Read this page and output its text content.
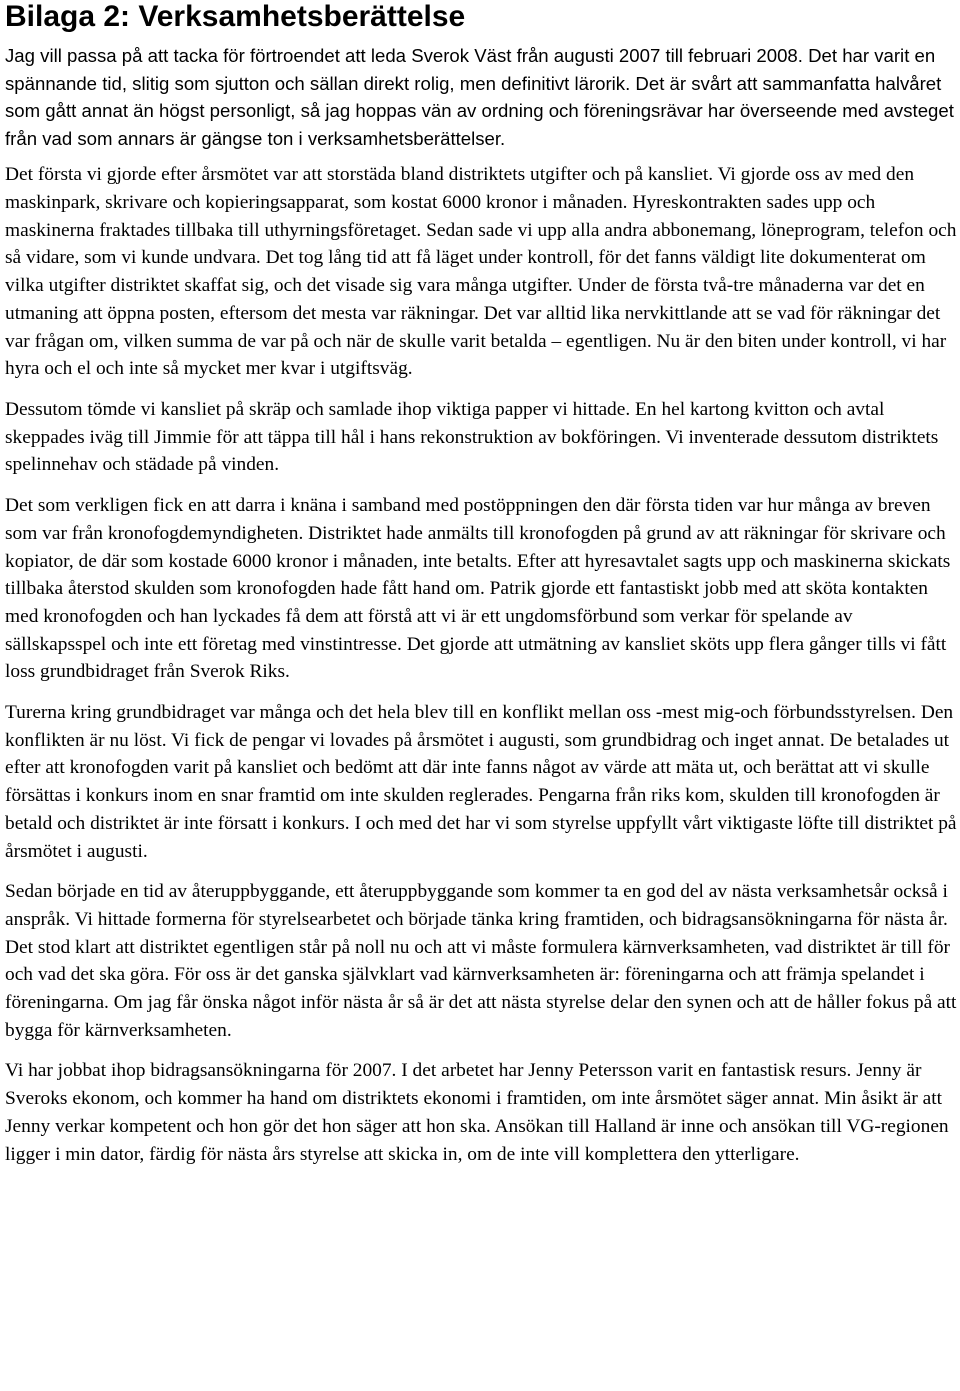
Bilaga 2: Verksamhetsberättelse

Jag vill passa på att tacka för förtroendet att leda Sverok Väst från augusti 2007 till februari 2008. Det har varit en spännande tid, slitig som sjutton och sällan direkt rolig, men definitivt lärorik. Det är svårt att sammanfatta halvåret som gått annat än högst personligt, så jag hoppas vän av ordning och föreningsrävar har överseende med avsteget från vad som annars är gängse ton i verksamhetsberättelser.

Det första vi gjorde efter årsmötet var att storstäda bland distriktets utgifter och på kansliet. Vi gjorde oss av med den maskinpark, skrivare och kopieringsapparat, som kostat 6000 kronor i månaden. Hyreskontrakten sades upp och maskinerna fraktades tillbaka till uthyrningsföretaget. Sedan sade vi upp alla andra abbonemang, löneprogram, telefon och så vidare, som vi kunde undvara. Det tog lång tid att få läget under kontroll, för det fanns väldigt lite dokumenterat om vilka utgifter distriktet skaffat sig, och det visade sig vara många utgifter. Under de första två-tre månaderna var det en utmaning att öppna posten, eftersom det mesta var räkningar. Det var alltid lika nervkittlande att se vad för räkningar det var frågan om, vilken summa de var på och när de skulle varit betalda – egentligen. Nu är den biten under kontroll, vi har hyra och el och inte så mycket mer kvar i utgiftsväg.

Dessutom tömde vi kansliet på skräp och samlade ihop viktiga papper vi hittade. En hel kartong kvitton och avtal skeppades iväg till Jimmie för att täppa till hål i hans rekonstruktion av bokföringen. Vi inventerade dessutom distriktets spelinnehav och städade på vinden.

Det som verkligen fick en att darra i knäna i samband med postöppningen den där första tiden var hur många av breven som var från kronofogdemyndigheten. Distriktet hade anmälts till kronofogden på grund av att räkningar för skrivare och kopiator, de där som kostade 6000 kronor i månaden, inte betalts. Efter att hyresavtalet sagts upp och maskinerna skickats tillbaka återstod skulden som kronofogden hade fått hand om. Patrik gjorde ett fantastiskt jobb med att sköta kontakten med kronofogden och han lyckades få dem att förstå att vi är ett ungdomsförbund som verkar för spelande av sällskapsspel och inte ett företag med vinstintresse. Det gjorde att utmätning av kansliet sköts upp flera gånger tills vi fått loss grundbidraget från Sverok Riks.

Turerna kring grundbidraget var många och det hela blev till en konflikt mellan oss -mest mig-och förbundsstyrelsen. Den konflikten är nu löst. Vi fick de pengar vi lovades på årsmötet i augusti, som grundbidrag och inget annat. De betalades ut efter att kronofogden varit på kansliet och bedömt att där inte fanns något av värde att mäta ut, och berättat att vi skulle försättas i konkurs inom en snar framtid om inte skulden reglerades. Pengarna från riks kom, skulden till kronofogden är betald och distriktet är inte försatt i konkurs. I och med det har vi som styrelse uppfyllt vårt viktigaste löfte till distriktet på årsmötet i augusti.

Sedan började en tid av återuppbyggande, ett återuppbyggande som kommer ta en god del av nästa verksamhetsår också i anspråk. Vi hittade formerna för styrelsearbetet och började tänka kring framtiden, och bidragsansökningarna för nästa år. Det stod klart att distriktet egentligen står på noll nu och att vi måste formulera kärnverksamheten, vad distriktet är till för och vad det ska göra. För oss är det ganska självklart vad kärnverksamheten är: föreningarna och att främja spelandet i föreningarna. Om jag får önska något inför nästa år så är det att nästa styrelse delar den synen och att de håller fokus på att bygga för kärnverksamheten.

Vi har jobbat ihop bidragsansökningarna för 2007. I det arbetet har Jenny Petersson varit en fantastisk resurs. Jenny är Sveroks ekonom, och kommer ha hand om distriktets ekonomi i framtiden, om inte årsmötet säger annat. Min åsikt är att Jenny verkar kompetent och hon gör det hon säger att hon ska. Ansökan till Halland är inne och ansökan till VG-regionen ligger i min dator, färdig för nästa års styrelse att skicka in, om de inte vill komplettera den ytterligare.
